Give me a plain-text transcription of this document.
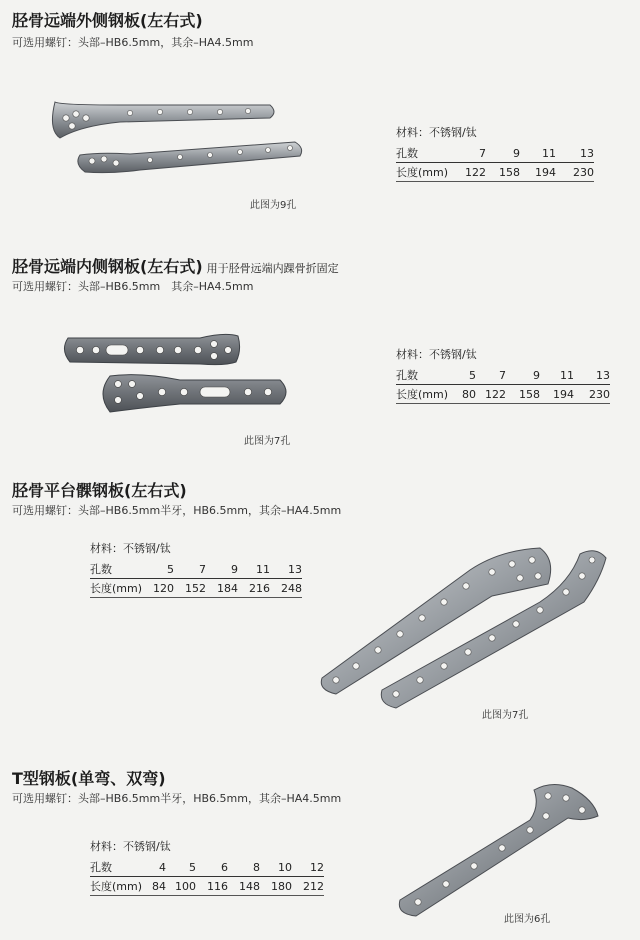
胫骨远端外侧钢板(左右式)
可选用螺钉：头部–HB6.5mm，其余–HA4.5mm
材料：不锈钢/钛
孔数	7	9	11	13
长度(mm)	122	158	194	230
此图为9孔
胫骨远端内侧钢板(左右式) 用于胫骨远端内踝骨折固定
可选用螺钉：头部–HB6.5mm　其余–HA4.5mm
材料：不锈钢/钛
孔数	5	7	9	11	13
长度(mm)	80	122	158	194	230
此图为7孔
胫骨平台髁钢板(左右式)
可选用螺钉：头部–HB6.5mm半牙，HB6.5mm，其余–HA4.5mm
材料：不锈钢/钛
孔数	5	7	9	11	13
长度(mm)	120	152	184	216	248
此图为7孔
T型钢板(单弯、双弯)
可选用螺钉：头部–HB6.5mm半牙，HB6.5mm，其余–HA4.5mm
材料：不锈钢/钛
孔数	4	5	6	8	10	12
长度(mm)	84	100	116	148	180	212
此图为6孔
